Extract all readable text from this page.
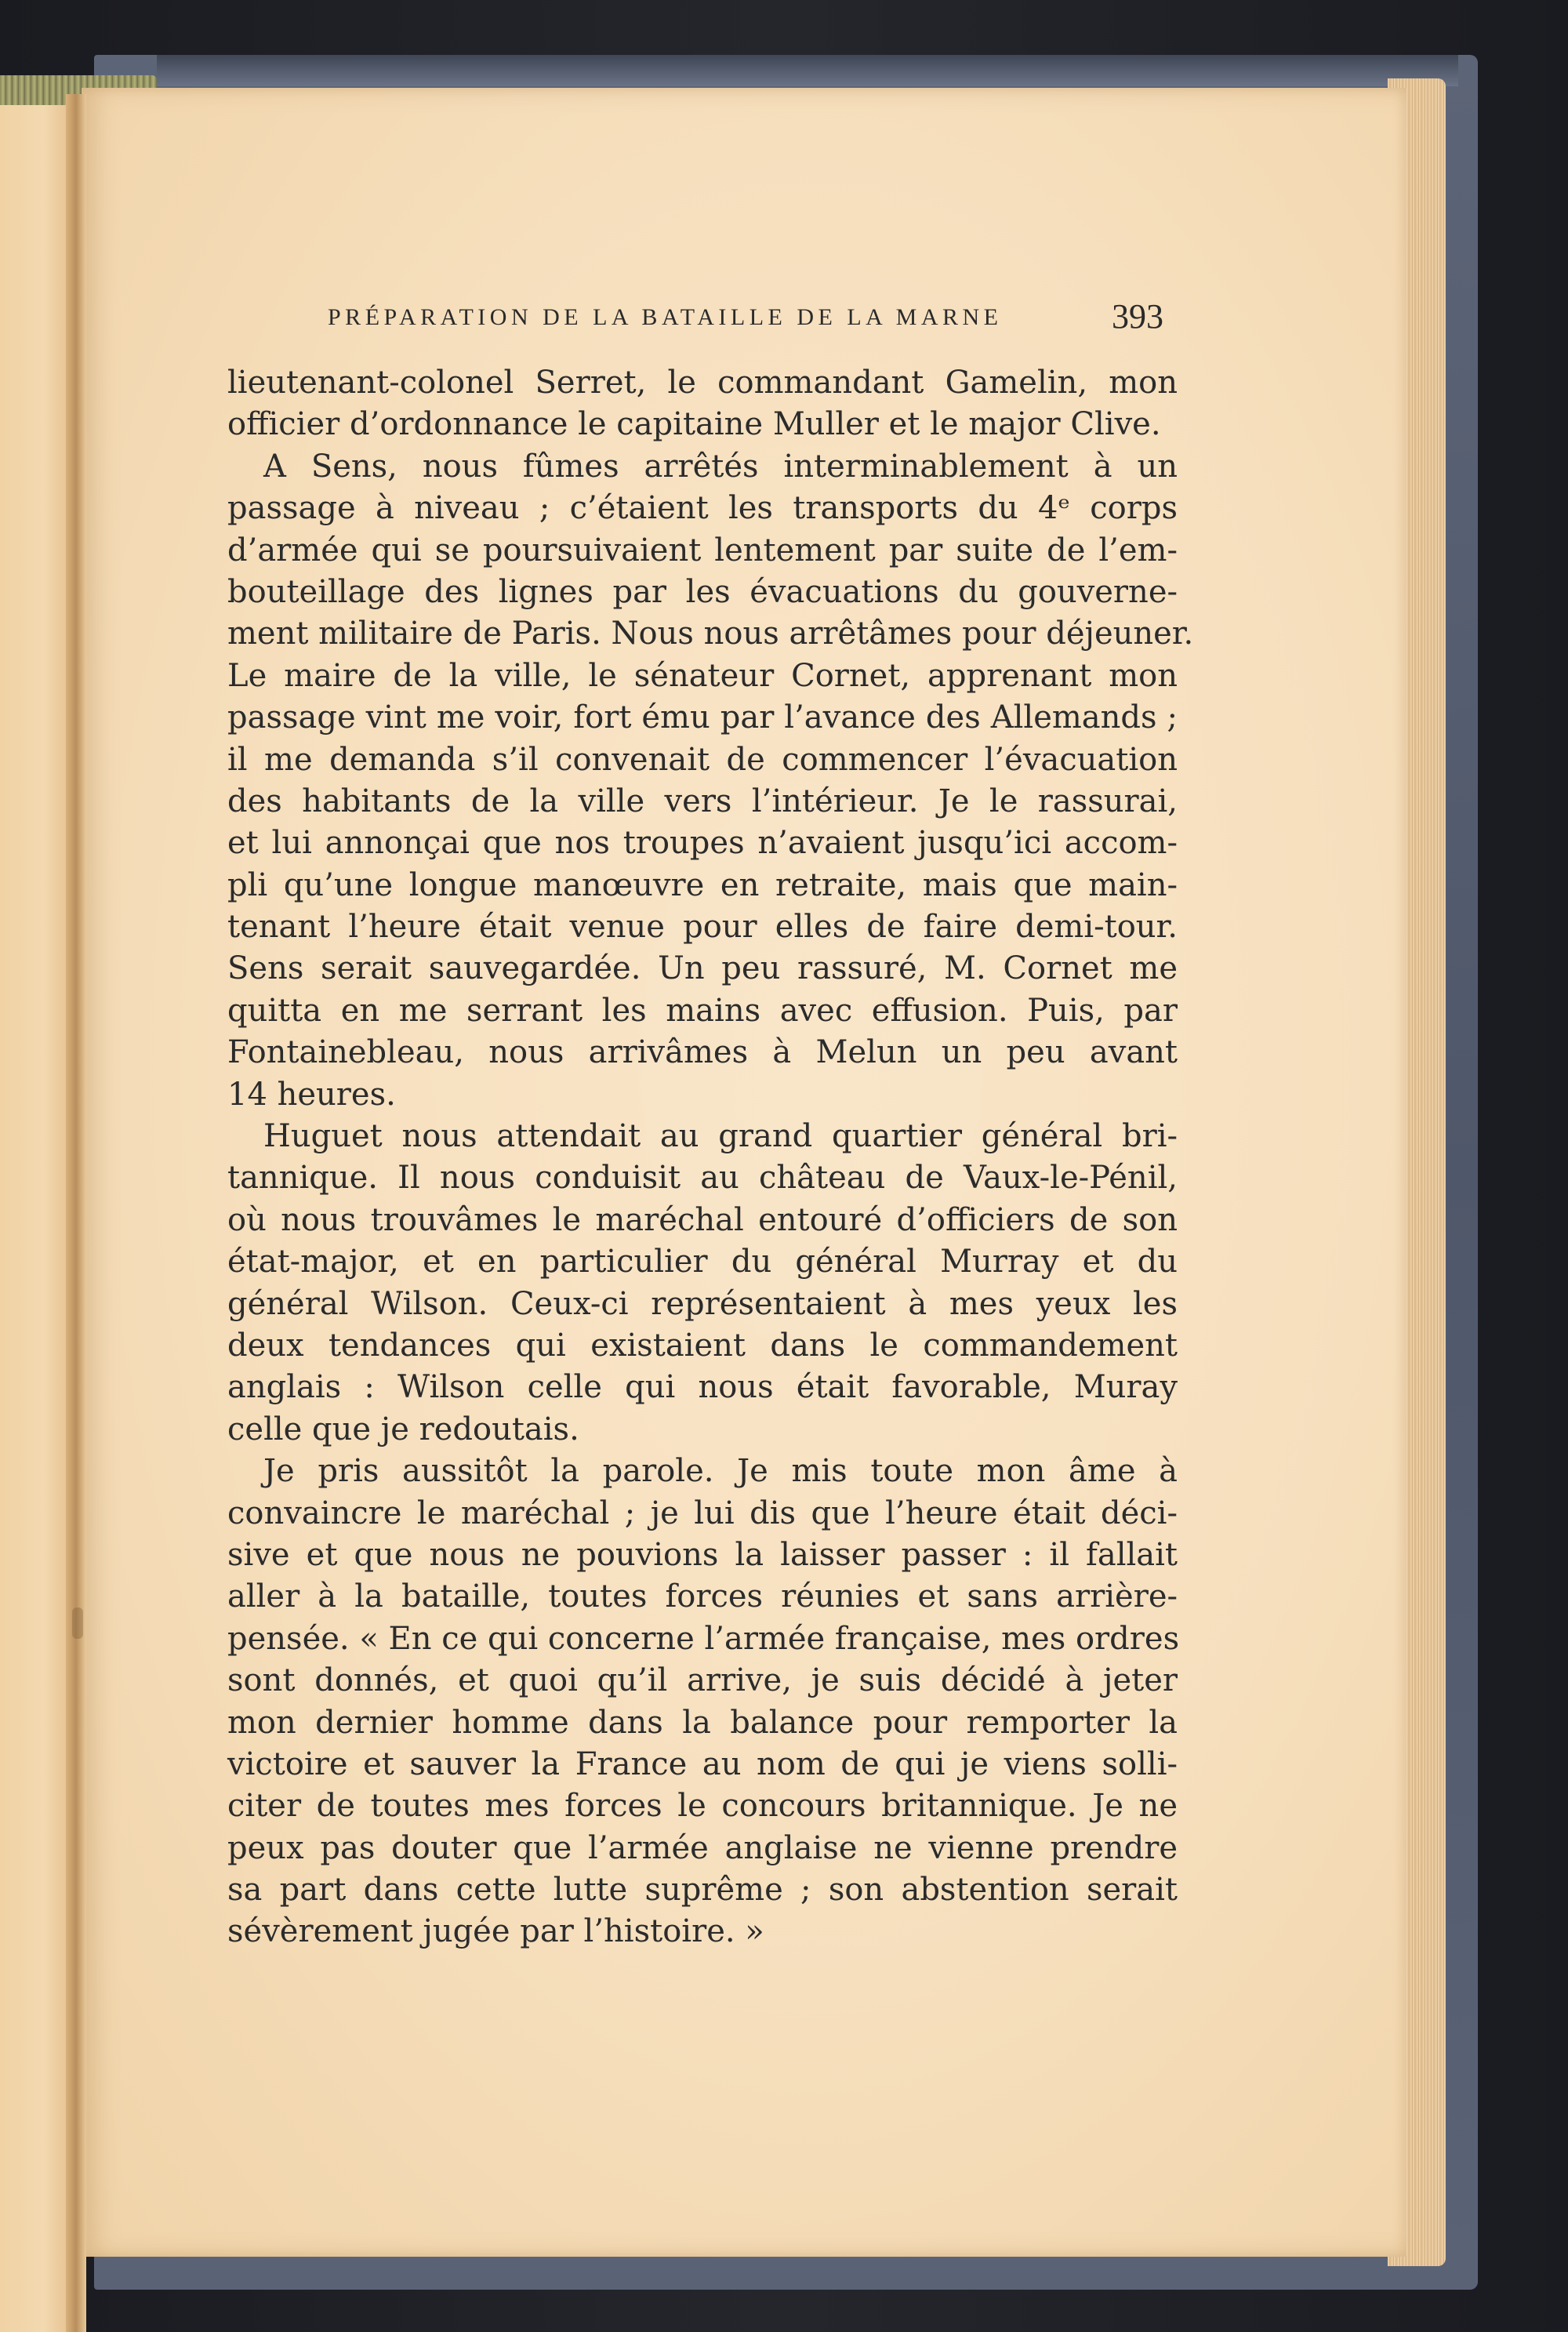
PRÉPARATION DE LA BATAILLE DE LA MARNE	393
lieutenant-colonel Serret, le commandant Gamelin, mon
officier d’ordonnance le capitaine Muller et le major Clive.
A Sens, nous fûmes arrêtés interminablement à un
passage à niveau ; c’étaient les transports du 4ᵉ corps
d’armée qui se poursuivaient lentement par suite de l’em-
bouteillage des lignes par les évacuations du gouverne-
ment militaire de Paris. Nous nous arrêtâmes pour déjeuner.
Le maire de la ville, le sénateur Cornet, apprenant mon
passage vint me voir, fort ému par l’avance des Allemands ;
il me demanda s’il convenait de commencer l’évacuation
des habitants de la ville vers l’intérieur. Je le rassurai,
et lui annonçai que nos troupes n’avaient jusqu’ici accom-
pli qu’une longue manœuvre en retraite, mais que main-
tenant l’heure était venue pour elles de faire demi-tour.
Sens serait sauvegardée. Un peu rassuré, M. Cornet me
quitta en me serrant les mains avec effusion. Puis, par
Fontainebleau, nous arrivâmes à Melun un peu avant
14 heures.
Huguet nous attendait au grand quartier général bri-
tannique. Il nous conduisit au château de Vaux-le-Pénil,
où nous trouvâmes le maréchal entouré d’officiers de son
état-major, et en particulier du général Murray et du
général Wilson. Ceux-ci représentaient à mes yeux les
deux tendances qui existaient dans le commandement
anglais : Wilson celle qui nous était favorable, Muray
celle que je redoutais.
Je pris aussitôt la parole. Je mis toute mon âme à
convaincre le maréchal ; je lui dis que l’heure était déci-
sive et que nous ne pouvions la laisser passer : il fallait
aller à la bataille, toutes forces réunies et sans arrière-
pensée. « En ce qui concerne l’armée française, mes ordres
sont donnés, et quoi qu’il arrive, je suis décidé à jeter
mon dernier homme dans la balance pour remporter la
victoire et sauver la France au nom de qui je viens solli-
citer de toutes mes forces le concours britannique. Je ne
peux pas douter que l’armée anglaise ne vienne prendre
sa part dans cette lutte suprême ; son abstention serait
sévèrement jugée par l’histoire. »
